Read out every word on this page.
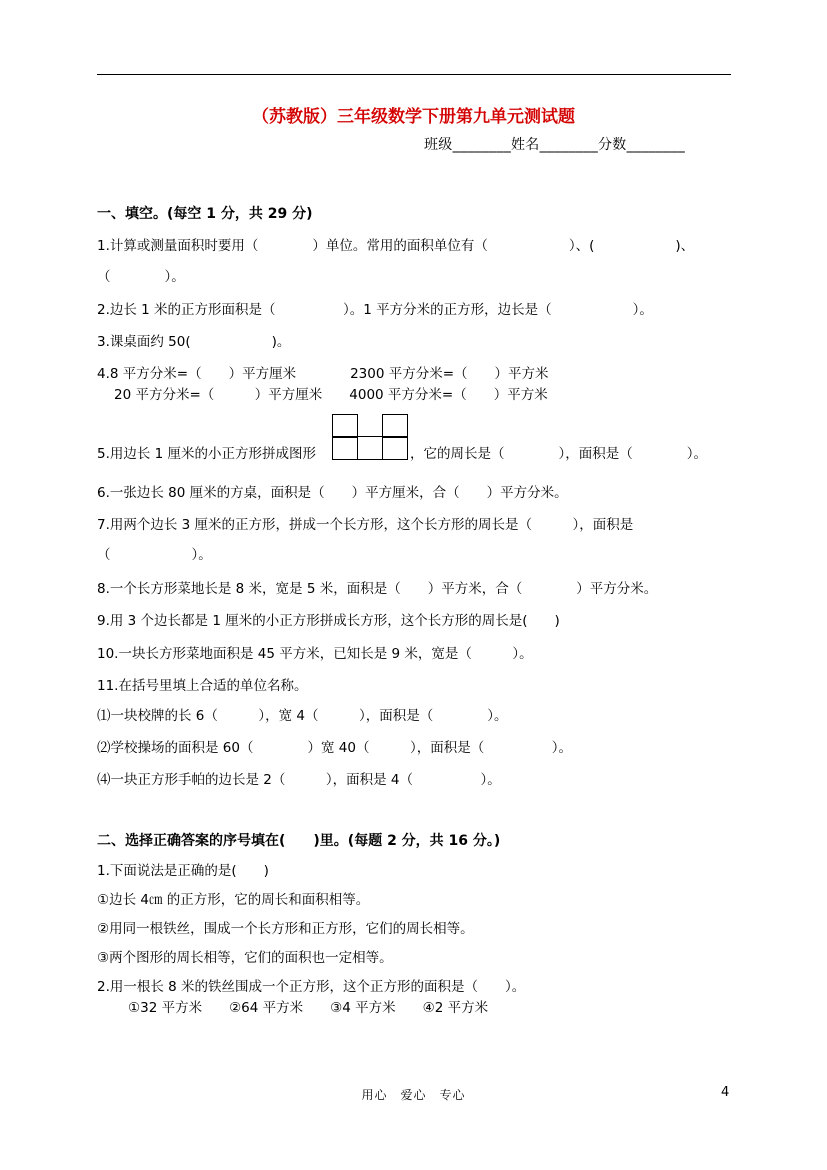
（苏教版）三年级数学下册第九单元测试题
班级________姓名________分数________
一、填空。(每空 1 分，共 29 分)
1.计算或测量面积时要用（　　　　）单位。常用的面积单位有（　　　　　　）、(　　　　　　)、
（　　　　）。
2.边长 1 米的正方形面积是（　　　　　）。1 平方分米的正方形，边长是（　　　　　　）。
3.课桌面约 50(　　　　　　)。
4.8 平方分米=（　　）平方厘米　　　　2300 平方分米=（　　）平方米
20 平方分米=（　　　）平方厘米　　4000 平方分米=（　　）平方米
5.用边长 1 厘米的小正方形拼成图形	，它的周长是（　　　　），面积是（　　　　）。
6.一张边长 80 厘米的方桌，面积是（　　）平方厘米，合（　　）平方分米。
7.用两个边长 3 厘米的正方形，拼成一个长方形，这个长方形的周长是（　　　），面积是
（　　　　　　）。
8.一个长方形菜地长是 8 米，宽是 5 米，面积是（　　）平方米，合（　　　　）平方分米。
9.用 3 个边长都是 1 厘米的小正方形拼成长方形，这个长方形的周长是(　　)
10.一块长方形菜地面积是 45 平方米，已知长是 9 米，宽是（　　　）。
11.在括号里填上合适的单位名称。
⑴一块校牌的长 6（　　　），宽 4（　　　），面积是（　　　　）。
⑵学校操场的面积是 60（　　　　）宽 40（　　　），面积是（　　　　　）。
⑷一块正方形手帕的边长是 2（　　　），面积是 4（　　　　　）。
二、选择正确答案的序号填在(　　)里。(每题 2 分，共 16 分。)
1.下面说法是正确的是(　　)
①边长 4㎝ 的正方形，它的周长和面积相等。
②用同一根铁丝，围成一个长方形和正方形，它们的周长相等。
③两个图形的周长相等，它们的面积也一定相等。
2.用一根长 8 米的铁丝围成一个正方形，这个正方形的面积是（　　）。
①32 平方米　　②64 平方米　　③4 平方米　　④2 平方米
用心　爱心　专心	4
